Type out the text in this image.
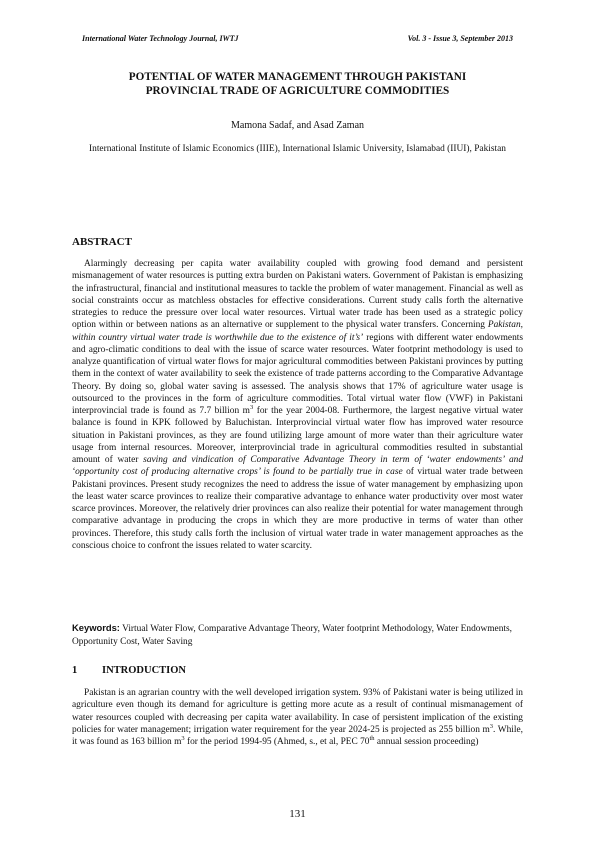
International Water Technology Journal, IWTJ	Vol. 3 - Issue 3, September 2013
POTENTIAL OF WATER MANAGEMENT THROUGH PAKISTANI
PROVINCIAL TRADE OF AGRICULTURE COMMODITIES
Mamona Sadaf, and Asad Zaman
International Institute of Islamic Economics (IIIE), International Islamic University, Islamabad (IIUI), Pakistan
ABSTRACT
Alarmingly decreasing per capita water availability coupled with growing food demand and persistent mismanagement of water resources is putting extra burden on Pakistani waters. Government of Pakistan is emphasizing the infrastructural, financial and institutional measures to tackle the problem of water management. Financial as well as social constraints occur as matchless obstacles for effective considerations. Current study calls forth the alternative strategies to reduce the pressure over local water resources. Virtual water trade has been used as a strategic policy option within or between nations as an alternative or supplement to the physical water transfers. Concerning Pakistan, within country virtual water trade is worthwhile due to the existence of it’s’ regions with different water endowments and agro-climatic conditions to deal with the issue of scarce water resources. Water footprint methodology is used to analyze quantification of virtual water flows for major agricultural commodities between Pakistani provinces by putting them in the context of water availability to seek the existence of trade patterns according to the Comparative Advantage Theory. By doing so, global water saving is assessed. The analysis shows that 17% of agriculture water usage is outsourced to the provinces in the form of agriculture commodities. Total virtual water flow (VWF) in Pakistani interprovincial trade is found as 7.7 billion $m^3$ for the year 2004-08. Furthermore, the largest negative virtual water balance is found in KPK followed by Baluchistan. Interprovincial virtual water flow has improved water resource situation in Pakistani provinces, as they are found utilizing large amount of more water than their agriculture water usage from internal resources. Moreover, interprovincial trade in agricultural commodities resulted in substantial amount of water saving and vindication of Comparative Advantage Theory in term of ‘water endowments’ and ‘opportunity cost of producing alternative crops’ is found to be partially true in case of virtual water trade between Pakistani provinces. Present study recognizes the need to address the issue of water management by emphasizing upon the least water scarce provinces to realize their comparative advantage to enhance water productivity over most water scarce provinces. Moreover, the relatively drier provinces can also realize their potential for water management through comparative advantage in producing the crops in which they are more productive in terms of water than other provinces. Therefore, this study calls forth the inclusion of virtual water trade in water management approaches as the conscious choice to confront the issues related to water scarcity.
Keywords: Virtual Water Flow, Comparative Advantage Theory, Water footprint Methodology, Water Endowments, Opportunity Cost, Water Saving
1 INTRODUCTION
Pakistan is an agrarian country with the well developed irrigation system. 93% of Pakistani water is being utilized in agriculture even though its demand for agriculture is getting more acute as a result of continual mismanagement of water resources coupled with decreasing per capita water availability. In case of persistent implication of the existing policies for water management; irrigation water requirement for the year 2024-25 is projected as 255 billion $m^3$. While, it was found as 163 billion $m^3$ for the period 1994-95 (Ahmed, s., et al, PEC 70th annual session proceeding)
131
